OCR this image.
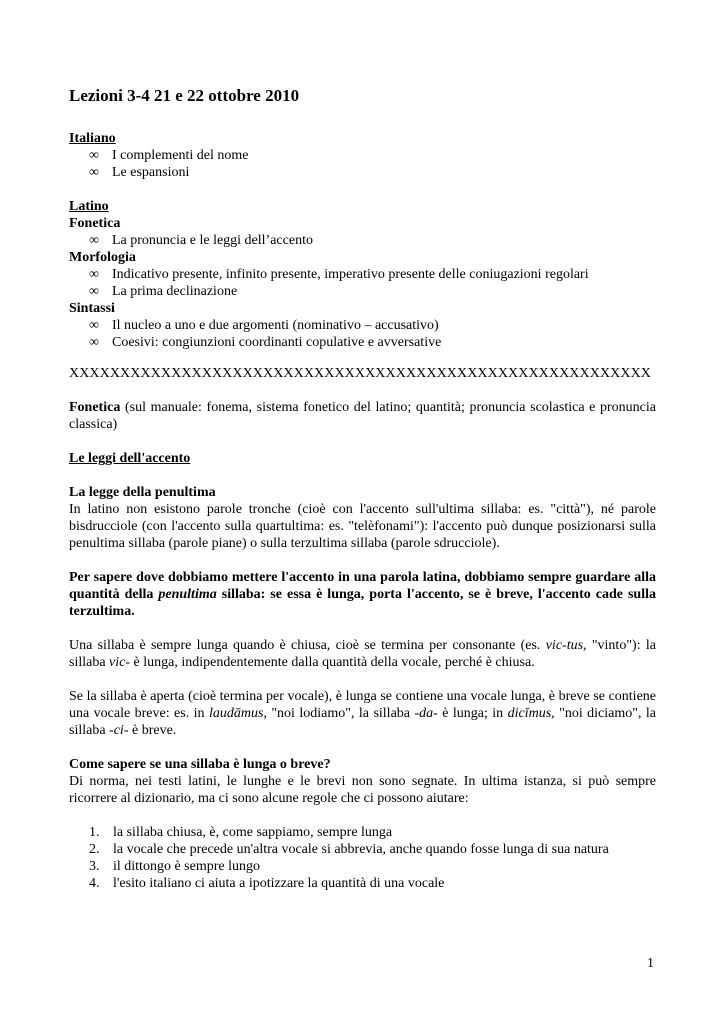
Lezioni 3-4 21 e 22 ottobre 2010
Italiano
∞ I complementi del nome
∞ Le espansioni
Latino
Fonetica
∞ La pronuncia e le leggi dell’accento
Morfologia
∞ Indicativo presente, infinito presente, imperativo presente delle coniugazioni regolari
∞ La prima declinazione
Sintassi
∞ Il nucleo a uno e due argomenti (nominativo – accusativo)
∞ Coesivi: congiunzioni coordinanti copulative e avversative
XXXXXXXXXXXXXXXXXXXXXXXXXXXXXXXXXXXXXXXXXXXXXXXXXXXXXXXXX

Fonetica (sul manuale: fonema, sistema fonetico del latino; quantità; pronuncia scolastica e pronuncia classica)

Le leggi dell'accento
La legge della penultima

In latino non esistono parole tronche (cioè con l'accento sull'ultima sillaba: es. "città"), né parole bisdrucciole (con l'accento sulla quartultima: es. "telèfonami"): l'accento può dunque posizionarsi sulla penultima sillaba (parole piane) o sulla terzultima sillaba (parole sdrucciole).

Per sapere dove dobbiamo mettere l'accento in una parola latina, dobbiamo sempre guardare alla quantità della penultima sillaba: se essa è lunga, porta l'accento, se è breve, l'accento cade sulla terzultima.

Una sillaba è sempre lunga quando è chiusa, cioè se termina per consonante (es. vic-tus, "vinto"): la sillaba vic- è lunga, indipendentemente dalla quantità della vocale, perché è chiusa.

Se la sillaba è aperta (cioè termina per vocale), è lunga se contiene una vocale lunga, è breve se contiene una vocale breve: es. in laudāmus, "noi lodiamo", la sillaba -da- è lunga; in dicĭmus, "noi diciamo", la sillaba -ci- è breve.

Come sapere se una sillaba è lunga o breve?

Di norma, nei testi latini, le lunghe e le brevi non sono segnate. In ultima istanza, si può sempre ricorrere al dizionario, ma ci sono alcune regole che ci possono aiutare:

1. la sillaba chiusa, è, come sappiamo, sempre lunga
2. la vocale che precede un'altra vocale si abbrevia, anche quando fosse lunga di sua natura
3. il dittongo è sempre lungo
4. l'esito italiano ci aiuta a ipotizzare la quantità di una vocale
1
